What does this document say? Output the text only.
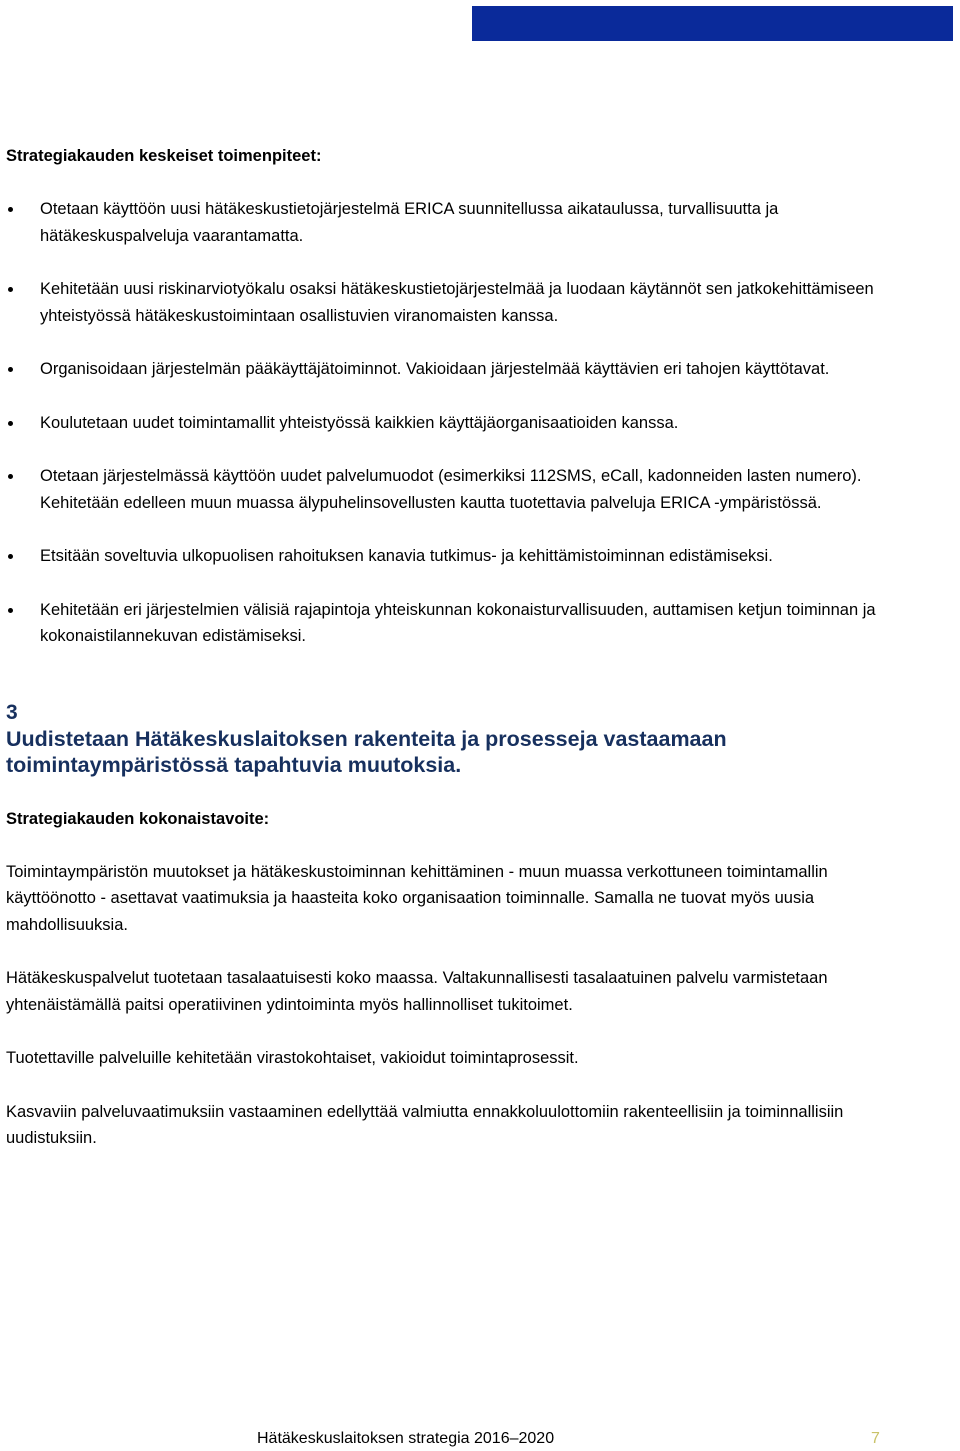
Strategiakauden keskeiset toimenpiteet:
Otetaan käyttöön uusi hätäkeskustietojärjestelmä ERICA suunnitellussa aikataulussa, turvallisuutta ja hätäkeskuspalveluja vaarantamatta.
Kehitetään uusi riskinarviotyökalu osaksi hätäkeskustietojärjestelmää ja luodaan käytännöt sen jatkokehittämiseen yhteistyössä hätäkeskustoimintaan osallistuvien viranomaisten kanssa.
Organisoidaan järjestelmän pääkäyttäjätoiminnot. Vakioidaan järjestelmää käyttävien eri tahojen käyttötavat.
Koulutetaan uudet toimintamallit yhteistyössä kaikkien käyttäjäorganisaatioiden kanssa.
Otetaan järjestelmässä käyttöön uudet palvelumuodot (esimerkiksi 112SMS, eCall, kadonneiden lasten numero). Kehitetään edelleen muun muassa älypuhelinsovellusten kautta tuotettavia palveluja ERICA -ympäristössä.
Etsitään soveltuvia ulkopuolisen rahoituksen kanavia tutkimus- ja kehittämistoiminnan edistämiseksi.
Kehitetään eri järjestelmien välisiä rajapintoja yhteiskunnan kokonaisturvallisuuden, auttamisen ketjun toiminnan ja kokonaistilannekuvan edistämiseksi.
3
Uudistetaan Hätäkeskuslaitoksen rakenteita ja prosesseja vastaamaan toimintaympäristössä tapahtuvia muutoksia.
Strategiakauden kokonaistavoite:

Toimintaympäristön muutokset ja hätäkeskustoiminnan kehittäminen - muun muassa verkottuneen toimintamallin käyttöönotto - asettavat vaatimuksia ja haasteita koko organisaation toiminnalle. Samalla ne tuovat myös uusia mahdollisuuksia.

Hätäkeskuspalvelut tuotetaan tasalaatuisesti koko maassa. Valtakunnallisesti tasalaatuinen palvelu varmistetaan yhtenäistämällä paitsi operatiivinen ydintoiminta myös hallinnolliset tukitoimet.

Tuotettaville palveluille kehitetään virastokohtaiset, vakioidut toimintaprosessit.

Kasvaviin palveluvaatimuksiin vastaaminen edellyttää valmiutta ennakkoluulottomiin rakenteellisiin ja toiminnallisiin uudistuksiin.

Hätäkeskuslaitoksen strategia 2016–2020	7
